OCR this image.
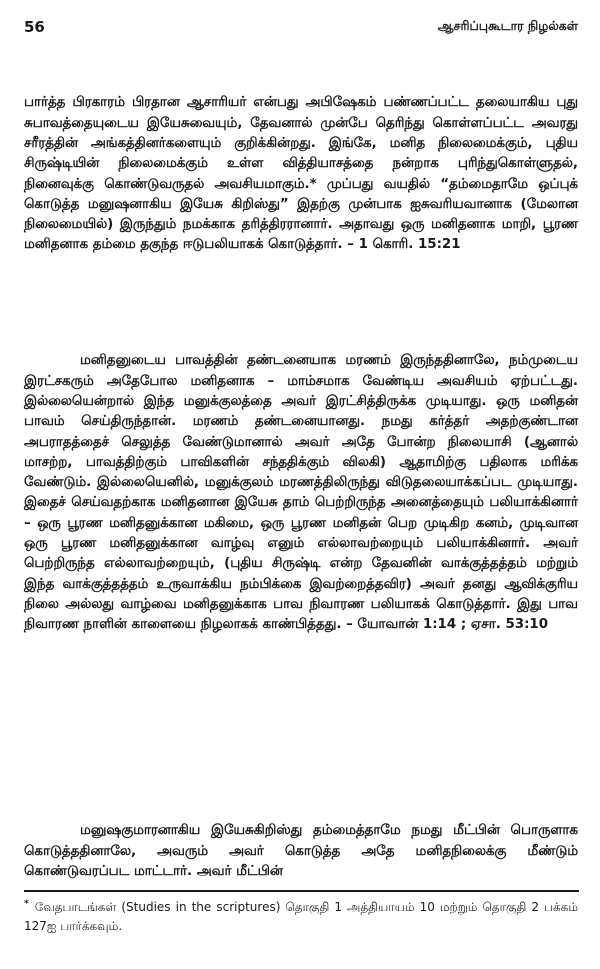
56	ஆசரிப்புகூடார நிழல்கள்

பார்த்த பிரகாரம் பிரதான ஆசாரியர் என்பது அபிஷேகம் பண்ணப்பட்ட தலையாகிய புது சுபாவத்தையுடைய இயேசுவையும், தேவனால் முன்பே தெரிந்து கொள்ளப்பட்ட அவரது சரீரத்தின் அங்கத்தினர்களையும் குறிக்கின்றது. இங்கே, மனித நிலைமைக்கும், புதிய சிருஷ்டியின் நிலைமைக்கும் உள்ள வித்தியாசத்தை நன்றாக புரிந்துகொள்ளுதல், நினைவுக்கு கொண்டுவருதல் அவசியமாகும்.* முப்பது வயதில் “தம்மைதாமே ஒப்புக் கொடுத்த மனுஷனாகிய இயேசு கிறிஸ்து” இதற்கு முன்பாக ஐசுவரியவானாக (மேலான நிலைமையில்) இருந்தும் நமக்காக தரித்திரரானார். அதாவது ஒரு மனிதனாக மாறி, பூரண மனிதனாக தம்மை தகுந்த ஈடுபலியாகக் கொடுத்தார். – 1 கொரி. 15:21

மனிதனுடைய பாவத்தின் தண்டனையாக மரணம் இருந்ததினாலே, நம்முடைய இரட்சகரும் அதேபோல மனிதனாக – மாம்சமாக வேண்டிய அவசியம் ஏற்பட்டது. இல்லையென்றால் இந்த மனுக்குலத்தை அவர் இரட்சித்திருக்க முடியாது. ஒரு மனிதன் பாவம் செய்திருந்தான். மரணம் தண்டனையானது. நமது கர்த்தர் அதற்குண்டான அபராதத்தைச் செலுத்த வேண்டுமானால் அவர் அதே போன்ற நிலையாசி (ஆனால் மாசற்ற, பாவத்திற்கும் பாவிகளின் சந்ததிக்கும் விலகி) ஆதாமிற்கு பதிலாக மரிக்க வேண்டும். இல்லையெனில், மனுக்குலம் மரணத்திலிருந்து விடுதலையாக்கப்பட முடியாது. இதைச் செய்வதற்காக மனிதனான இயேசு தாம் பெற்றிருந்த அனைத்தையும் பலியாக்கினார் – ஒரு பூரண மனிதனுக்கான மகிமை, ஒரு பூரண மனிதன் பெற முடிகிற கனம், முடிவான ஒரு பூரண மனிதனுக்கான வாழ்வு எனும் எல்லாவற்றையும் பலியாக்கினார். அவர் பெற்றிருந்த எல்லாவற்றையும், (புதிய சிருஷ்டி என்ற தேவனின் வாக்குத்தத்தம் மற்றும் இந்த வாக்குத்தத்தம் உருவாக்கிய நம்பிக்கை இவற்றைத்தவிர) அவர் தனது ஆவிக்குரிய நிலை அல்லது வாழ்வை மனிதனுக்காக பாவ நிவாரண பலியாகக் கொடுத்தார். இது பாவ நிவாரண நாளின் காளையை நிழலாகக் காண்பித்தது. – யோவான் 1:14 ; ஏசா. 53:10

மனுஷகுமாரனாகிய இயேசுகிறிஸ்து தம்மைத்தாமே நமது மீட்பின் பொருளாக கொடுத்ததினாலே, அவரும் அவர் கொடுத்த அதே மனிதநிலைக்கு மீண்டும் கொண்டுவரப்பட மாட்டார். அவர் மீட்பின்

* வேதபாடங்கள் (Studies in the scriptures) தொகுதி 1 அத்தியாயம் 10 மற்றும் தொகுதி 2 பக்கம் 127ஐ பார்க்கவும்.
